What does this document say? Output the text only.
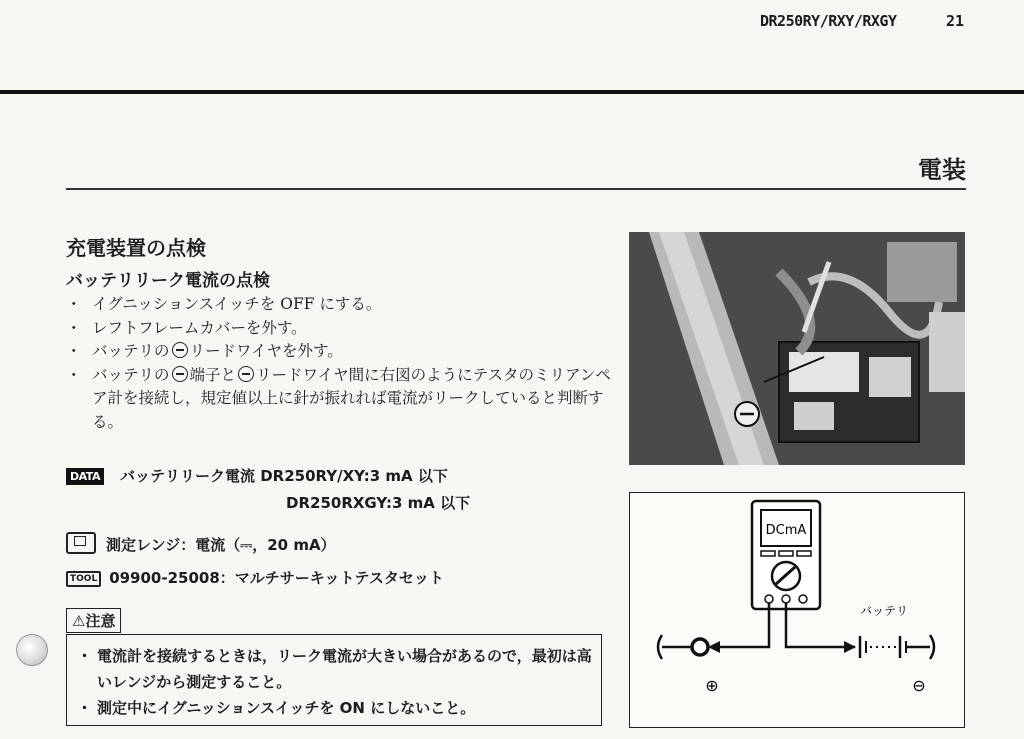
DR250RY/RXY/RXGY	21
電装
充電装置の点検
バッテリリーク電流の点検
・ イグニッションスイッチを OFF にする。
・ レフトフレームカバーを外す。
・ バッテリの リードワイヤを外す。
・ バッテリの 端子と リードワイヤ間に右図のようにテスタのミリアンペア計を接続し，規定値以上に針が振れれば電流がリークしていると判断する。
DATA バッテリリーク電流 DR250RY/XY:3 mA 以下
DR250RXGY:3 mA 以下
測定レンジ：電流（⎓，20 mA）
TOOL 09900-25008：マルチサーキットテスタセット
⚠注意
・ 電流計を接続するときは，リーク電流が大きい場合があるので，最初は高いレンジから測定すること。
・ 測定中にイグニッションスイッチを ON にしないこと。
DCmA
バッテリ
⊕	⊖
